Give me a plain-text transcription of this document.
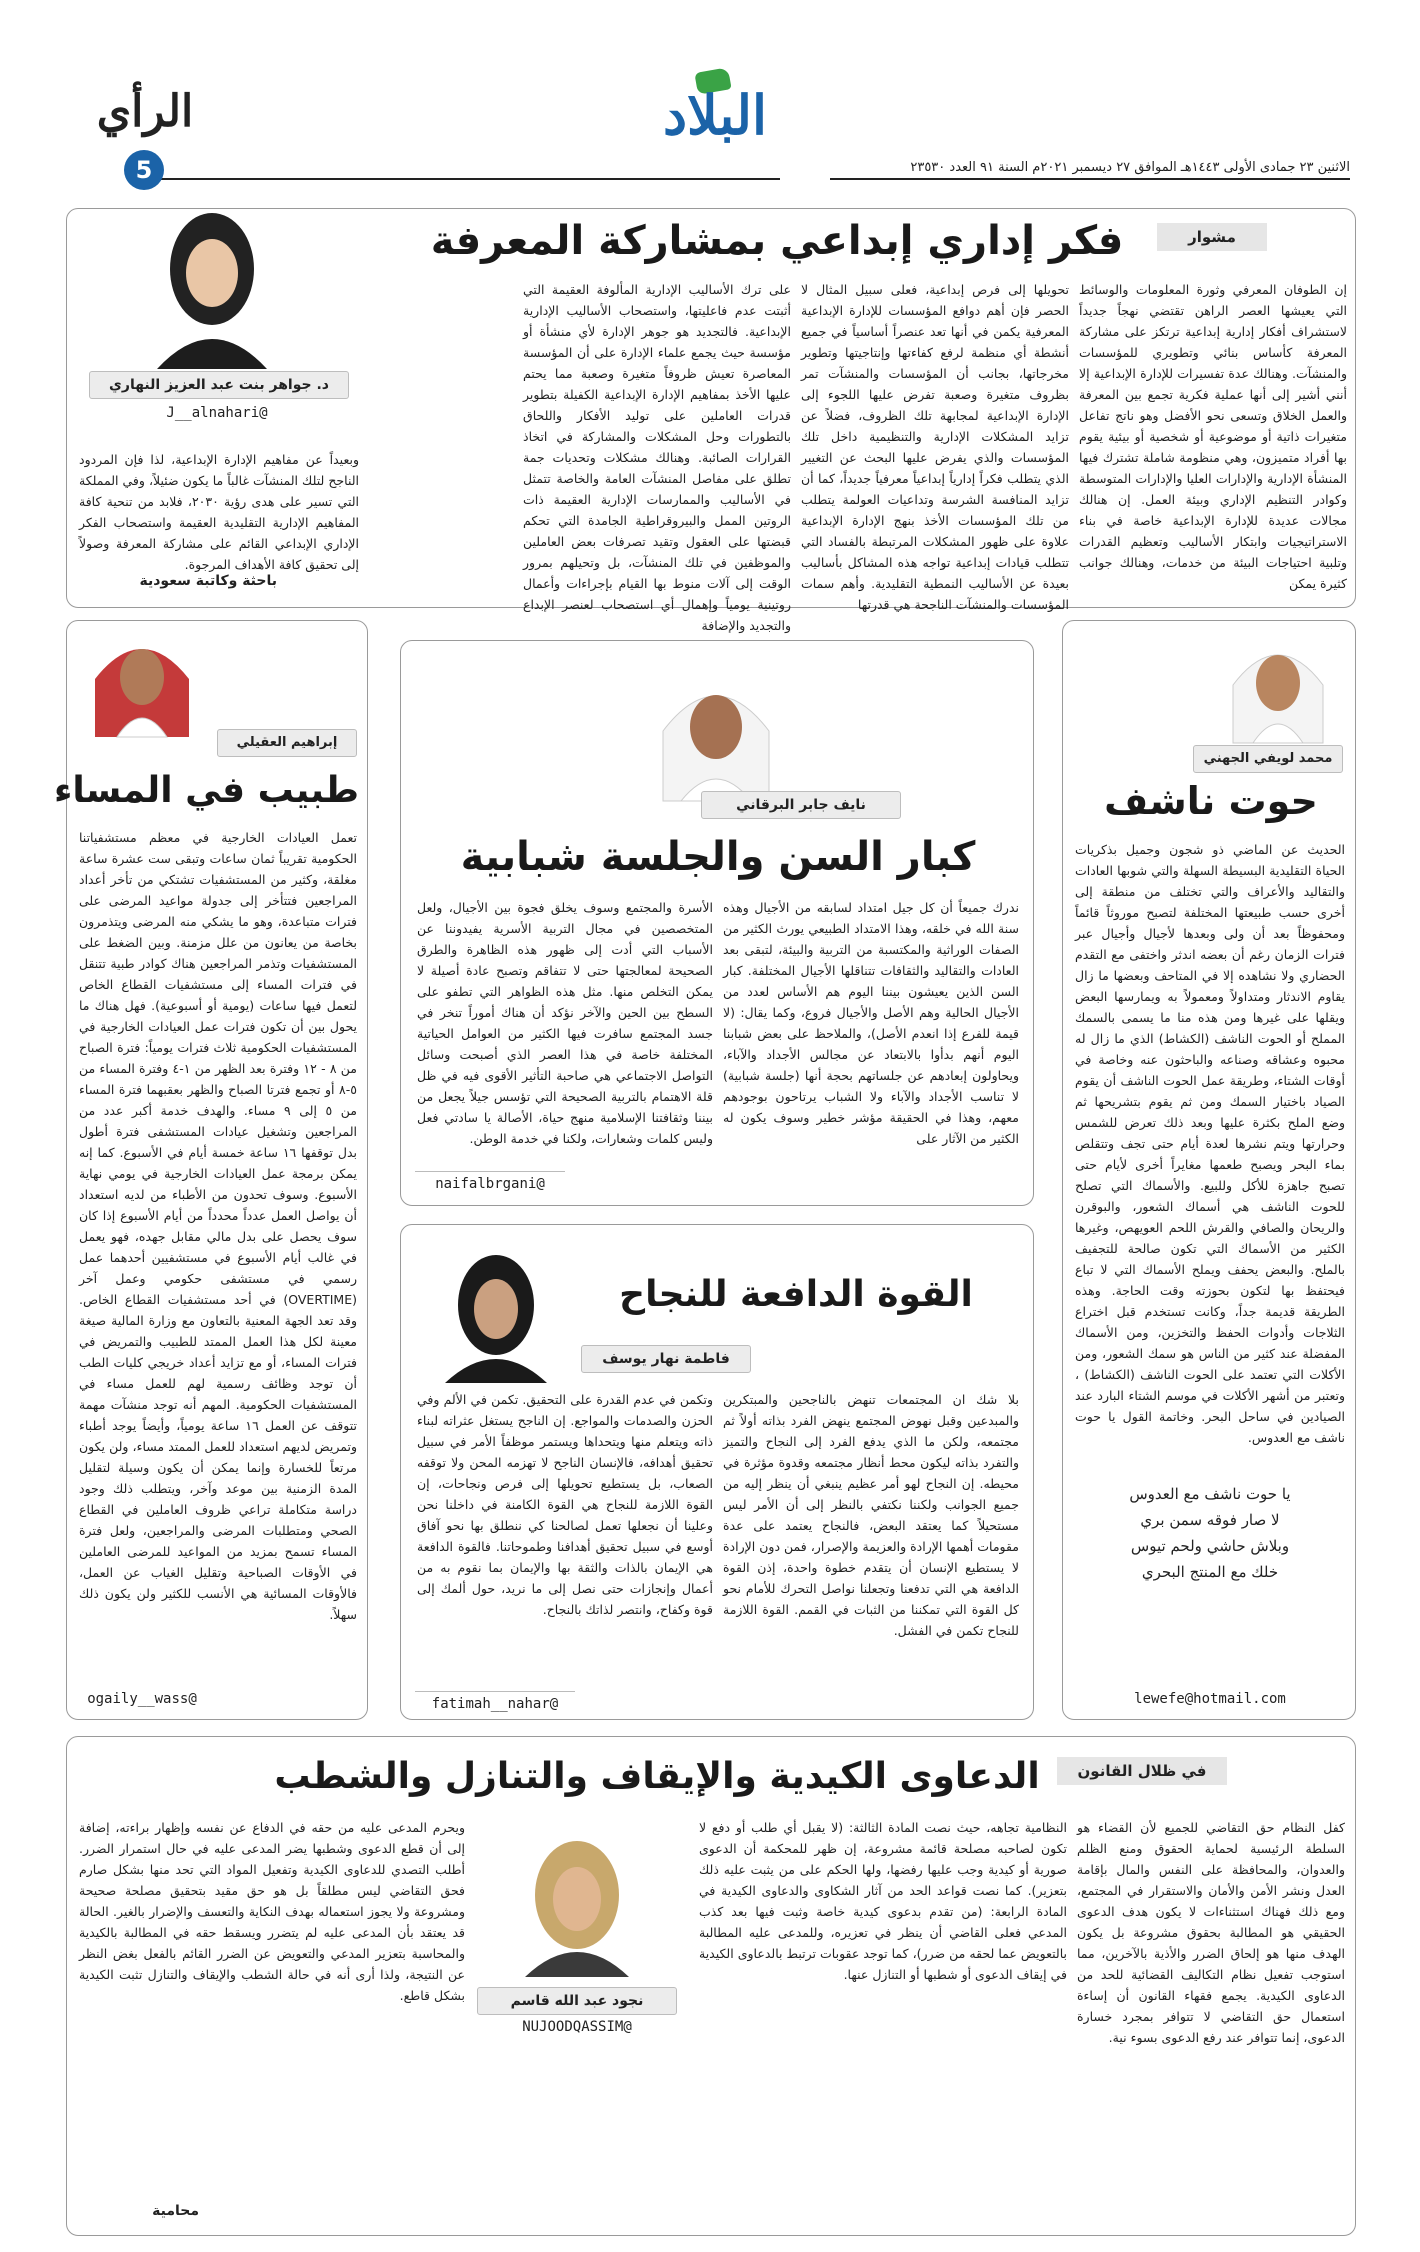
البلاد
الاثنين ٢٣ جمادى الأولى ١٤٤٣هـ الموافق ٢٧ ديسمبر ٢٠٢١م السنة ٩١ العدد ٢٣٥٣٠
الرأي
5
مشوار
فكر إداري إبداعي بمشاركة المعرفة
إن الطوفان المعرفي وثورة المعلومات والوسائط التي يعيشها العصر الراهن تقتضي نهجاً جديداً لاستشراف أفكار إدارية إبداعية ترتكز على مشاركة المعرفة كأساس بنائي وتطويري للمؤسسات والمنشآت. وهنالك عدة تفسيرات للإدارة الإبداعية إلا أنني أشير إلى أنها عملية فكرية تجمع بين المعرفة والعمل الخلاق وتسعى نحو الأفضل وهو ناتج تفاعل متغيرات ذاتية أو موضوعية أو شخصية أو بيئية يقوم بها أفراد متميزون، وهي منظومة شاملة تشترك فيها المنشأة الإدارية والإدارات العليا والإدارات المتوسطة وكوادر التنظيم الإداري وبيئة العمل. إن هنالك مجالات عديدة للإدارة الإبداعية خاصة في بناء الاستراتيجيات وابتكار الأساليب وتعظيم القدرات وتلبية احتياجات البيئة من خدمات، وهنالك جوانب كثيرة يمكن
تحويلها إلى فرص إبداعية، فعلى سبيل المثال لا الحصر فإن أهم دوافع المؤسسات للإدارة الإبداعية المعرفية يكمن في أنها تعد عنصراً أساسياً في جميع أنشطة أي منظمة لرفع كفاءتها وإنتاجيتها وتطوير مخرجاتها، بجانب أن المؤسسات والمنشآت تمر بظروف متغيرة وصعبة تفرض عليها اللجوء إلى الإدارة الإبداعية لمجابهة تلك الظروف، فضلاً عن تزايد المشكلات الإدارية والتنظيمية داخل تلك المؤسسات والذي يفرض عليها البحث عن التغيير الذي يتطلب فكراً إدارياً إبداعياً معرفياً جديداً، كما أن تزايد المنافسة الشرسة وتداعيات العولمة يتطلب من تلك المؤسسات الأخذ بنهج الإدارة الإبداعية علاوة على ظهور المشكلات المرتبطة بالفساد التي تتطلب قيادات إبداعية تواجه هذه المشاكل بأساليب بعيدة عن الأساليب النمطية التقليدية. وأهم سمات المؤسسات والمنشآت الناجحة هي قدرتها
على ترك الأساليب الإدارية المألوفة العقيمة التي أثبتت عدم فاعليتها، واستصحاب الأساليب الإدارية الإبداعية. فالتجديد هو جوهر الإدارة لأي منشأة أو مؤسسة حيث يجمع علماء الإدارة على أن المؤسسة المعاصرة تعيش ظروفاً متغيرة وصعبة مما يحتم عليها الأخذ بمفاهيم الإدارة الإبداعية الكفيلة بتطوير قدرات العاملين على توليد الأفكار واللحاق بالتطورات وحل المشكلات والمشاركة في اتخاذ القرارات الصائبة. وهنالك مشكلات وتحديات جمة تطلق على مفاصل المنشآت العامة والخاصة تتمثل في الأساليب والممارسات الإدارية العقيمة ذات الروتين الممل والبيروقراطية الجامدة التي تحكم قبضتها على العقول وتقيد تصرفات بعض العاملين والموظفين في تلك المنشآت، بل وتحيلهم بمرور الوقت إلى آلات منوط بها القيام بإجراءات وأعمال روتينية يومياً وإهمال أي استصحاب لعنصر الإبداع والتجديد والإضافة
وبعيداً عن مفاهيم الإدارة الإبداعية، لذا فإن المردود الناجح لتلك المنشآت غالباً ما يكون ضئيلاً، وفي المملكة التي تسير على هدى رؤية ٢٠٣٠، فلابد من تنحية كافة المفاهيم الإدارية التقليدية العقيمة واستصحاب الفكر الإداري الإبداعي القائم على مشاركة المعرفة وصولاً إلى تحقيق كافة الأهداف المرجوة.
د. جواهر بنت عبد العزيز النهاري
@J__alnahari
باحثة وكاتبة سعودية
محمد لويفي الجهني
حوت ناشف
الحديث عن الماضي ذو شجون وجميل بذكريات الحياة التقليدية البسيطة السهلة والتي شوبها العادات والتقاليد والأعراف والتي تختلف من منطقة إلى أخرى حسب طبيعتها المختلفة لتصبح موروثاً قائماً ومحفوظاً بعد أن ولى وبعدها لأجيال وأجيال عبر فترات الزمان رغم أن بعضه اندثر واختفى مع التقدم الحضاري ولا نشاهده إلا في المتاحف وبعضها ما زال يقاوم الاندثار ومتداولاً ومعمولاً به ويمارسها البعض ويقلها على غيرها ومن هذه منا ما يسمى بالسمك المملح أو الحوت الناشف (الكشاط) الذي ما زال له محبوه وعشاقه وصناعه والباحثون عنه وخاصة في أوقات الشتاء، وطريقة عمل الحوت الناشف أن يقوم الصياد باختيار السمك ومن ثم يقوم بتشريحها ثم وضع الملح بكثرة عليها وبعد ذلك تعرض للشمس وحرارتها ويتم نشرها لعدة أيام حتى تجف وتتقلص بماء البحر ويصبح طعمها مغايراً أخرى لأيام حتى تصبح جاهزة للأكل وللبيع. والأسماك التي تصلح للحوت الناشف هي أسماك الشعور، والبوقرن والريحان والصافي والقرش اللحم العويهص، وغيرها الكثير من الأسماك التي تكون صالحة للتجفيف بالملح. والبعض يحفف ويملح الأسماك التي لا تباع فيحتفظ بها لتكون بحوزته وقت الحاجة. وهذه الطريقة قديمة جداً، وكانت تستخدم قبل اختراع الثلاجات وأدوات الحفظ والتخزين، ومن الأسماك المفضلة عند كثير من الناس هو سمك الشعور، ومن الأكلات التي تعتمد على الحوت الناشف (الكشاط) ، وتعتبر من أشهر الأكلات في موسم الشتاء البارد عند الصيادين في ساحل البحر. وخاتمة القول يا حوت ناشف مع العدوس.
يا حوت ناشف مع العدوس
لا صار فوقه سمن بري
وبلاش حاشي ولحم تيوس
خلك مع المنتج البحري
lewefe@hotmail.com
نايف جابر البرقاني
كبار السن والجلسة شبابية
ندرك جميعاً أن كل جيل امتداد لسابقه من الأجيال وهذه سنة الله في خلقه، وهذا الامتداد الطبيعي يورث الكثير من الصفات الوراثية والمكتسبة من التربية والبيئة، لتبقى بعد العادات والتقاليد والثقافات تتناقلها الأجيال المختلفة. كبار السن الذين يعيشون بيننا اليوم هم الأساس لعدد من الأجيال الحالية وهم الأصل والأجيال فروع، وكما يقال: (لا قيمة للفرع إذا انعدم الأصل)، والملاحظ على بعض شبابنا اليوم أنهم بدأوا بالابتعاد عن مجالس الأجداد والآباء، ويحاولون إبعادهم عن جلساتهم بحجة أنها (جلسة شبابية) لا تناسب الأجداد والآباء ولا الشباب يرتاحون بوجودهم معهم، وهذا في الحقيقة مؤشر خطير وسوف يكون له الكثير من الآثار على
الأسرة والمجتمع وسوف يخلق فجوة بين الأجيال، ولعل المتخصصين في مجال التربية الأسرية يفيدوننا عن الأسباب التي أدت إلى ظهور هذه الظاهرة والطرق الصحيحة لمعالجتها حتى لا تتفاقم وتصبح عادة أصيلة لا يمكن التخلص منها. مثل هذه الظواهر التي تطفو على السطح بين الحين والآخر نؤكد أن هناك أموراً تنخر في جسد المجتمع سافرت فيها الكثير من العوامل الحياتية المختلفة خاصة في هذا العصر الذي أصبحت وسائل التواصل الاجتماعي هي صاحبة التأثير الأقوى فيه في ظل قلة الاهتمام بالتربية الصحيحة التي تؤسس جيلاً يجعل من بيننا وثقافتنا الإسلامية منهج حياة، الأصالة يا سادتي فعل وليس كلمات وشعارات، ولكنا في خدمة الوطن.
@naifalbrgani
إبراهيم العقيلي
طبيب في المساء
تعمل العيادات الخارجية في معظم مستشفياتنا الحكومية تقريباً ثمان ساعات وتبقى ست عشرة ساعة مغلقة، وكثير من المستشفيات تشتكي من تأخر أعداد المراجعين فتتأخر إلى جدولة مواعيد المرضى على فترات متباعدة، وهو ما يشكي منه المرضى ويتذمرون بخاصة من يعانون من علل مزمنة. وبين الضغط على المستشفيات وتذمر المراجعين هناك كوادر طبية تتنقل في فترات المساء إلى مستشفيات القطاع الخاص لتعمل فيها ساعات (يومية أو أسبوعية). فهل هناك ما يحول بين أن تكون فترات عمل العيادات الخارجية في المستشفيات الحكومية ثلاث فترات يومياً: فترة الصباح من ٨ - ١٢ وفترة بعد الظهر من ١-٤ وفترة المساء من ٥-٨ أو تجمع فترتا الصباح والظهر بعقبهما فترة المساء من ٥ إلى ٩ مساء. والهدف خدمة أكبر عدد من المراجعين وتشغيل عيادات المستشفى فترة أطول بدل توقفها ١٦ ساعة خمسة أيام في الأسبوع. كما إنه يمكن برمجة عمل العيادات الخارجية في يومي نهاية الأسبوع. وسوف تحدون من الأطباء من لديه استعداد أن يواصل العمل عدداً محدداً من أيام الأسبوع إذا كان سوف يحصل على بدل مالي مقابل جهده، فهو يعمل في غالب أيام الأسبوع في مستشفيين أحدهما عمل رسمي في مستشفى حكومي وعمل آخر (OVERTIME) في أحد مستشفيات القطاع الخاص. وقد تعد الجهة المعنية بالتعاون مع وزارة المالية صيغة معينة لكل هذا العمل الممتد للطبيب والتمريض في فترات المساء، أو مع تزايد أعداد خريجي كليات الطب أن توجد وظائف رسمية لهم للعمل مساء في المستشفيات الحكومية. المهم أنه توجد منشآت مهمة تتوقف عن العمل ١٦ ساعة يومياً، وأيضاً يوجد أطباء وتمريض لديهم استعداد للعمل الممتد مساء، ولن يكون مرتعاً للخسارة وإنما يمكن أن يكون وسيلة لتقليل المدة الزمنية بين موعد وآخر، ويتطلب ذلك وجود دراسة متكاملة تراعي ظروف العاملين في القطاع الصحي ومتطلبات المرضى والمراجعين، ولعل فترة المساء تسمح بمزيد من المواعيد للمرضى العاملين في الأوقات الصباحية وتقليل الغياب عن العمل، فالأوقات المسائية هي الأنسب للكثير ولن يكون ذلك سهلاً.
@ogaily__wass
القوة الدافعة للنجاح
فاطمة نهار يوسف
بلا شك ان المجتمعات تنهض بالناجحين والمبتكرين والمبدعين وقبل نهوض المجتمع ينهض الفرد بذاته أولاً ثم مجتمعه، ولكن ما الذي يدفع الفرد إلى النجاح والتميز والتفرد بذاته ليكون محط أنظار مجتمعه وقدوة مؤثرة في محيطه. إن النجاح لهو أمر عظيم ينبغي أن ينظر إليه من جميع الجوانب ولكننا نكتفي بالنظر إلى أن الأمر ليس مستحيلاً كما يعتقد البعض، فالنجاح يعتمد على عدة مقومات أهمها الإرادة والعزيمة والإصرار، فمن دون الإرادة لا يستطيع الإنسان أن يتقدم خطوة واحدة، إذن القوة الدافعة هي التي تدفعنا وتجعلنا نواصل التحرك للأمام نحو كل القوة التي تمكننا من الثبات في القمم. القوة اللازمة للنجاح تكمن في الفشل.
وتكمن في عدم القدرة على التحقيق. تكمن في الألم وفي الحزن والصدمات والمواجع. إن الناجح يستغل عثراته لبناء ذاته ويتعلم منها ويتحداها ويستمر موظفاً الأمر في سبيل تحقيق أهدافه، فالإنسان الناجح لا تهزمه المحن ولا توقفه الصعاب، بل يستطيع تحويلها إلى فرص ونجاحات، إن القوة اللازمة للنجاح هي القوة الكامنة في داخلنا نحن وعلينا أن نجعلها تعمل لصالحنا كي ننطلق بها نحو آفاق أوسع في سبيل تحقيق أهدافنا وطموحاتنا. فالقوة الدافعة هي الإيمان بالذات والثقة بها والإيمان بما نقوم به من أعمال وإنجازات حتى نصل إلى ما نريد، حول ألمك إلى قوة وكفاح، وانتصر لذاتك بالنجاح.
@fatimah__nahar
في ظلال القانون
الدعاوى الكيدية والإيقاف والتنازل والشطب
كفل النظام حق التقاضي للجميع لأن القضاء هو السلطة الرئيسية لحماية الحقوق ومنع الظلم والعدوان، والمحافظة على النفس والمال بإقامة العدل ونشر الأمن والأمان والاستقرار في المجتمع، ومع ذلك فهناك استثناءات لا يكون هدف الدعوى الحقيقي هو المطالبة بحقوق مشروعة بل يكون الهدف منها هو إلحاق الضرر والأذية بالآخرين، مما استوجب تفعيل نظام التكاليف القضائية للحد من الدعاوى الكيدية. يجمع فقهاء القانون أن إساءة استعمال حق التقاضي لا تتوافر بمجرد خسارة الدعوى، إنما تتوافر عند رفع الدعوى بسوء نية.
النظامية تجاهه، حيث نصت المادة الثالثة: (لا يقبل أي طلب أو دفع لا تكون لصاحبه مصلحة قائمة مشروعة، إن ظهر للمحكمة أن الدعوى صورية أو كيدية وجب عليها رفضها، ولها الحكم على من يثبت عليه ذلك بتعزير). كما نصت قواعد الحد من آثار الشكاوى والدعاوى الكيدية في المادة الرابعة: (من تقدم بدعوى كيدية خاصة وثبت فيها بعد كذب المدعي فعلى القاضي أن ينظر في تعزيره، وللمدعى عليه المطالبة بالتعويض عما لحقه من ضرر)، كما توجد عقوبات ترتبط بالدعاوى الكيدية في إيقاف الدعوى أو شطبها أو التنازل عنها.
نجود عبد الله قاسم
@NUJOODQASSIM
ويحرم المدعى عليه من حقه في الدفاع عن نفسه وإظهار براءته، إضافة إلى أن قطع الدعوى وشطبها يضر المدعى عليه في حال استمرار الضرر. أطلب التصدي للدعاوى الكيدية وتفعيل المواد التي تحد منها بشكل صارم فحق التقاضي ليس مطلقاً بل هو حق مقيد بتحقيق مصلحة صحيحة ومشروعة ولا يجوز استعماله بهدف النكاية والتعسف والإضرار بالغير. الحالة قد يعتقد بأن المدعى عليه لم يتضرر ويسقط حقه في المطالبة بالكيدية والمحاسبة بتعزير المدعي والتعويض عن الضرر القائم بالفعل بغض النظر عن النتيجة، ولذا أرى أنه في حالة الشطب والإيقاف والتنازل تثبت الكيدية بشكل قاطع.
محامية
